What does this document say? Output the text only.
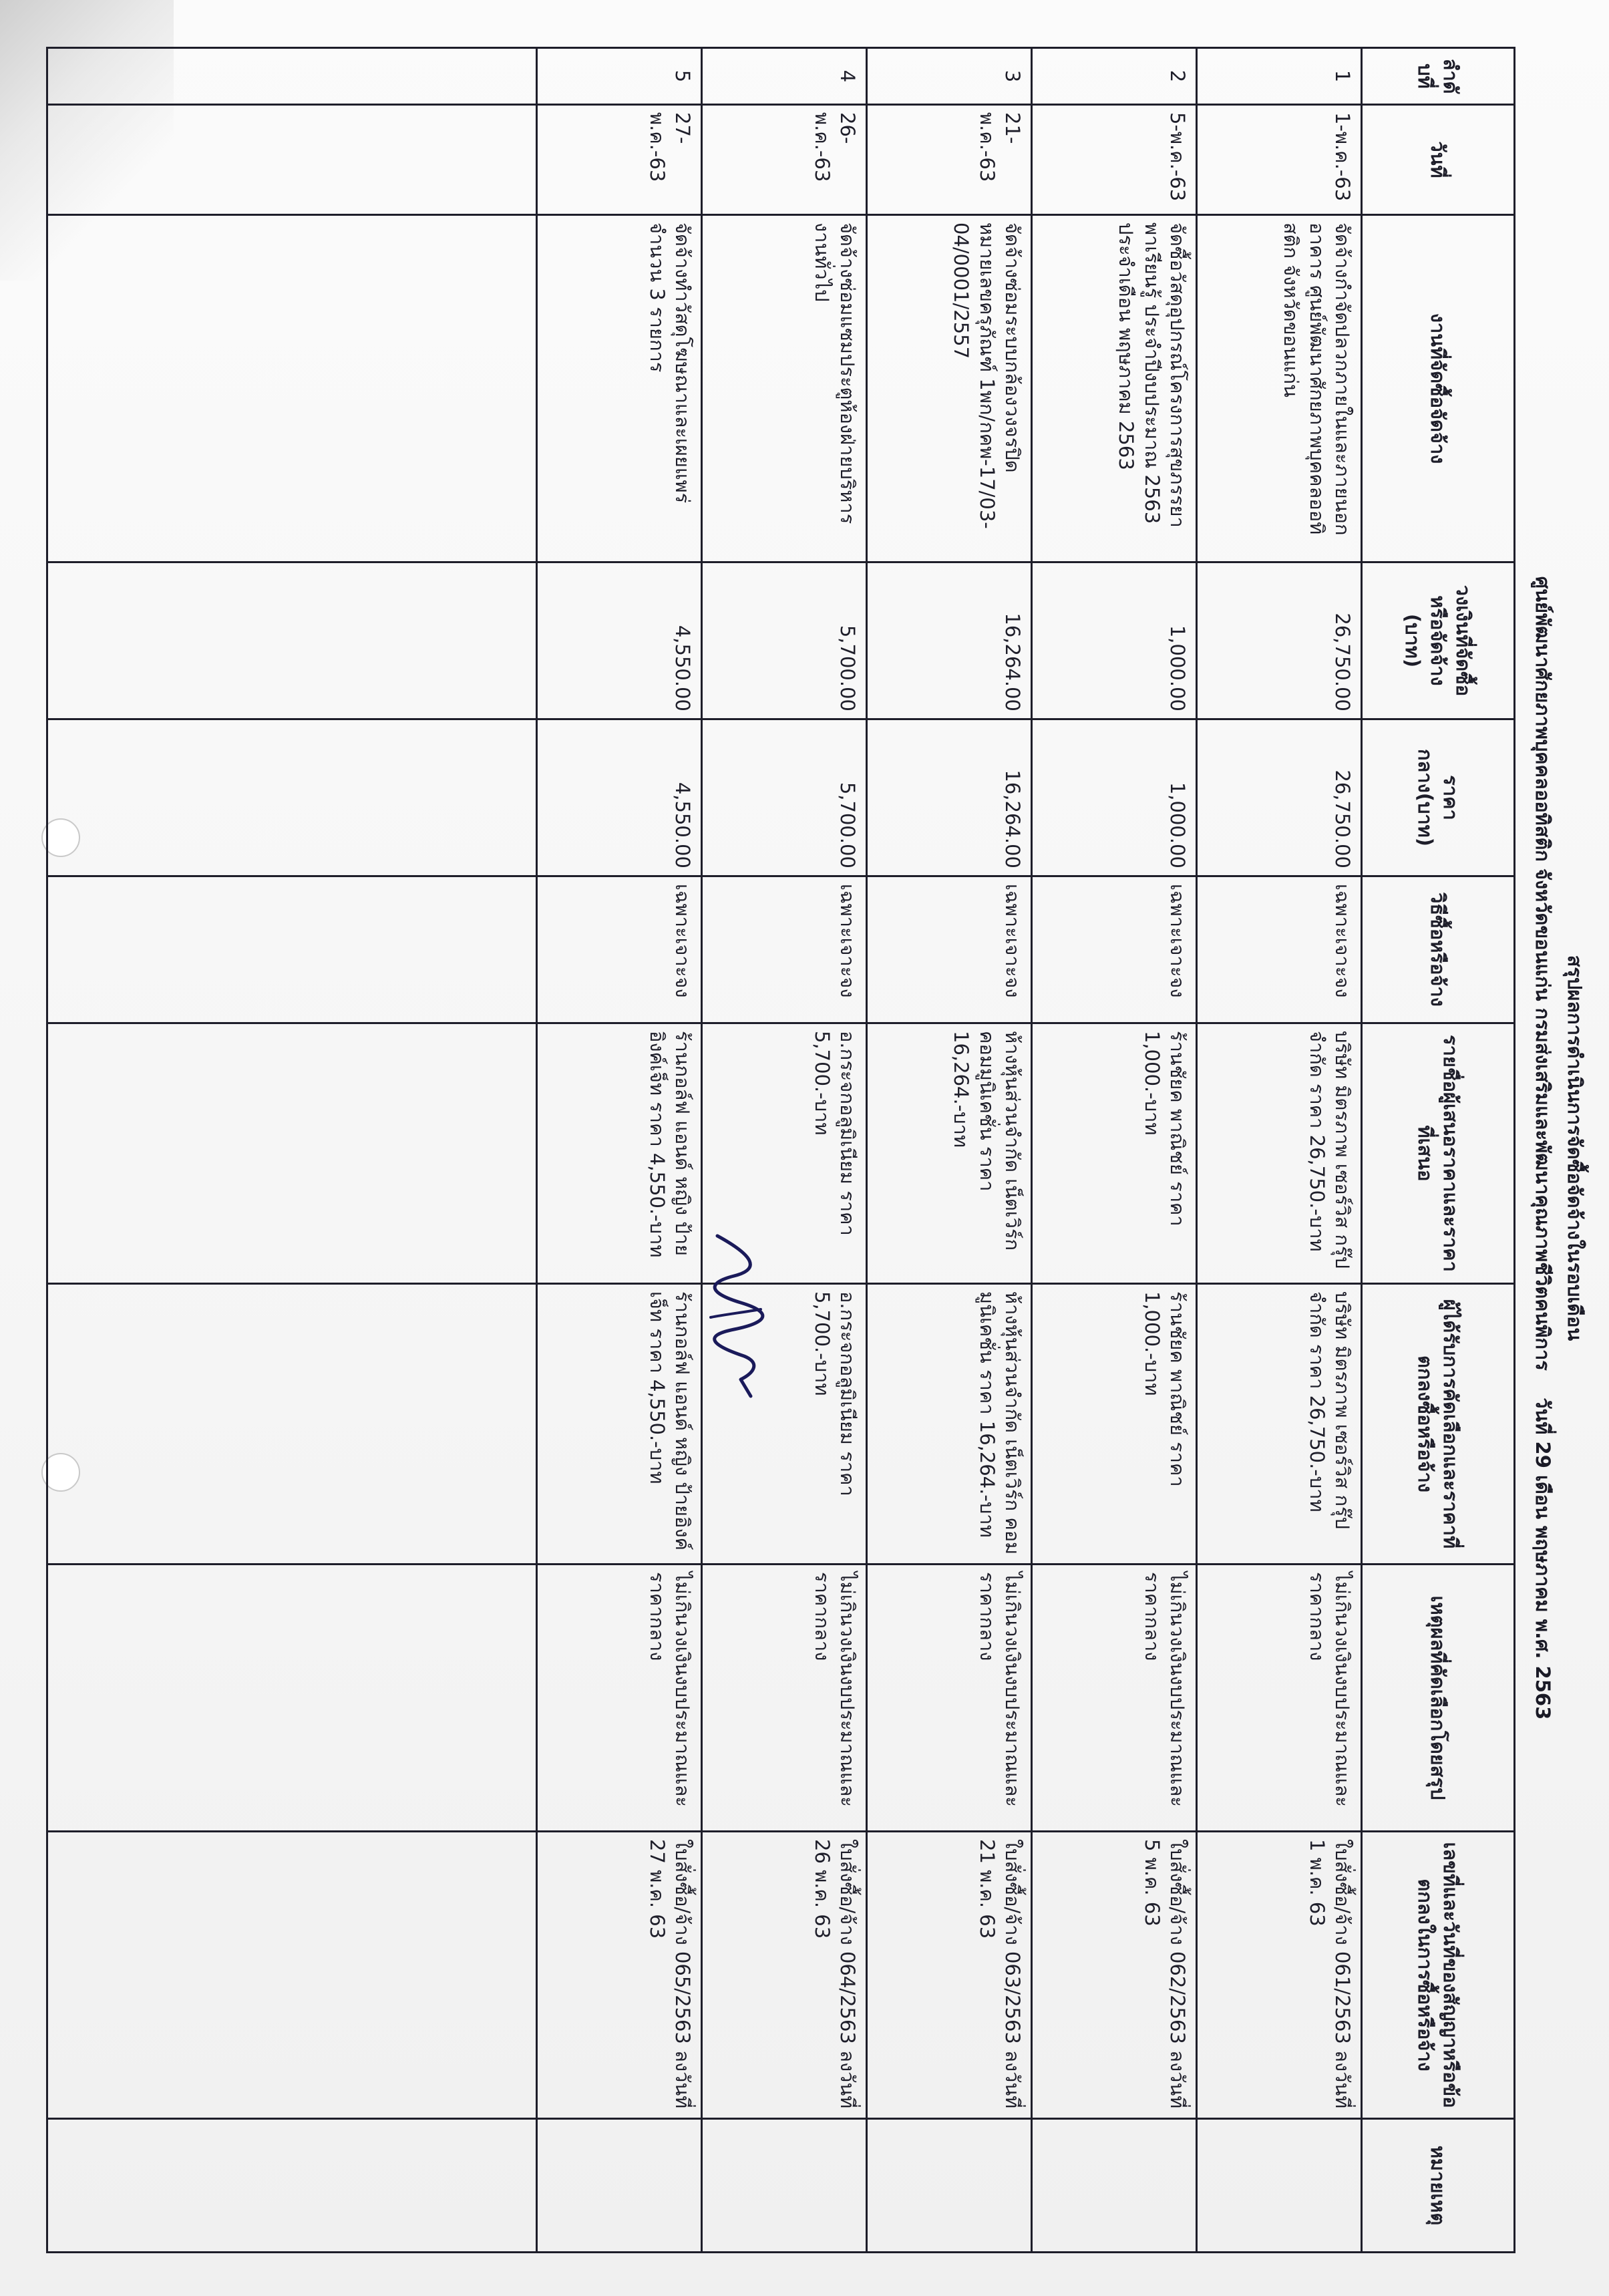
สรุปผลการดำเนินการจัดซื้อจัดจ้างในรอบเดือน
ศูนย์พัฒนาศักยภาพบุคคลออทิสติก จังหวัดขอนแก่น กรมส่งเสริมและพัฒนาคุณภาพชีวิตคนพิการ    วันที่ 29 เดือน พฤษภาคม พ.ศ. 2563
ลำดับที่	วันที่	งานที่จัดซื้อจัดจ้าง	วงเงินที่จัดซื้อหรือจัดจ้าง (บาท)	ราคากลาง(บาท)	วิธีซื้อหรือจ้าง	รายชื่อผู้เสนอราคาและราคาที่เสนอ	ผู้ได้รับการคัดเลือกและราคาที่ตกลงซื้อหรือจ้าง	เหตุผลที่คัดเลือกโดยสรุป	เลขที่และวันที่ของสัญญาหรือข้อตกลงในการซื้อหรือจ้าง	หมายเหตุ
1	1-พ.ค.-63	จัดจ้างกำจัดปลวกภายในและภายนอกอาคาร ศูนย์พัฒนาศักยภาพบุคคลออทิสติก จังหวัดขอนแก่น	26,750.00	26,750.00	เฉพาะเจาะจง	บริษัท มิตรภาพ เซอร์วิส กรุ๊ป จำกัด ราคา 26,750.-บาท	บริษัท มิตรภาพ เซอร์วิส กรุ๊ป จำกัด ราคา 26,750.-บาท	ไม่เกินวงเงินงบประมาณและราคากลาง	ใบสั่งซื้อ/จ้าง 061/2563 ลงวันที่ 1 พ.ค. 63	
2	5-พ.ค.-63	จัดซื้อวัสดุอุปกรณ์โครงการสุขภรรยา พาเรียนรู้ ประจำปีงบประมาณ 2563 ประจำเดือน พฤษภาคม 2563	1,000.00	1,000.00	เฉพาะเจาะจง	ร้านชัยค พาณิชย์ ราคา 1,000.-บาท	ร้านชัยค พาณิชย์ ราคา 1,000.-บาท	ไม่เกินวงเงินงบประมาณและราคากลาง	ใบสั่งซื้อ/จ้าง 062/2563 ลงวันที่ 5 พ.ค. 63	
3	21-พ.ค.-63	จัดจ้างซ่อมระบบกล้องวงจรปิด หมายเลขครุภัณฑ์ 1พก/กคพ-17/03-04/0001/2557	16,264.00	16,264.00	เฉพาะเจาะจง	ห้างหุ้นส่วนจำกัด เน็ตเวิร์ก คอมมูนิเคชั่น ราคา 16,264.-บาท	ห้างหุ้นส่วนจำกัด เน็ตเวิร์ก คอมมูนิเคชั่น ราคา 16,264.-บาท	ไม่เกินวงเงินงบประมาณและราคากลาง	ใบสั่งซื้อ/จ้าง 063/2563 ลงวันที่ 21 พ.ค. 63	
4	26-พ.ค.-63	จัดจ้างซ่อมแซมประตูห้องฝ่ายบริหารงานทั่วไป	5,700.00	5,700.00	เฉพาะเจาะจง	อ.กระจกอลูมิเนียม ราคา 5,700.-บาท	อ.กระจกอลูมิเนียม ราคา 5,700.-บาท	ไม่เกินวงเงินงบประมาณและราคากลาง	ใบสั่งซื้อ/จ้าง 064/2563 ลงวันที่ 26 พ.ค. 63	
5	27-พ.ค.-63	จัดจ้างทำวัสดุโฆษณาและเผยแพร่ จำนวน 3 รายการ	4,550.00	4,550.00	เฉพาะเจาะจง	ร้านกอล์ฟ แอนด์ หญิง ป้ายอิงค์เจ็ท ราคา 4,550.-บาท	ร้านกอล์ฟ แอนด์ หญิง ป้ายอิงค์เจ็ท ราคา 4,550.-บาท	ไม่เกินวงเงินงบประมาณและราคากลาง	ใบสั่งซื้อ/จ้าง 065/2563 ลงวันที่ 27 พ.ค. 63	
